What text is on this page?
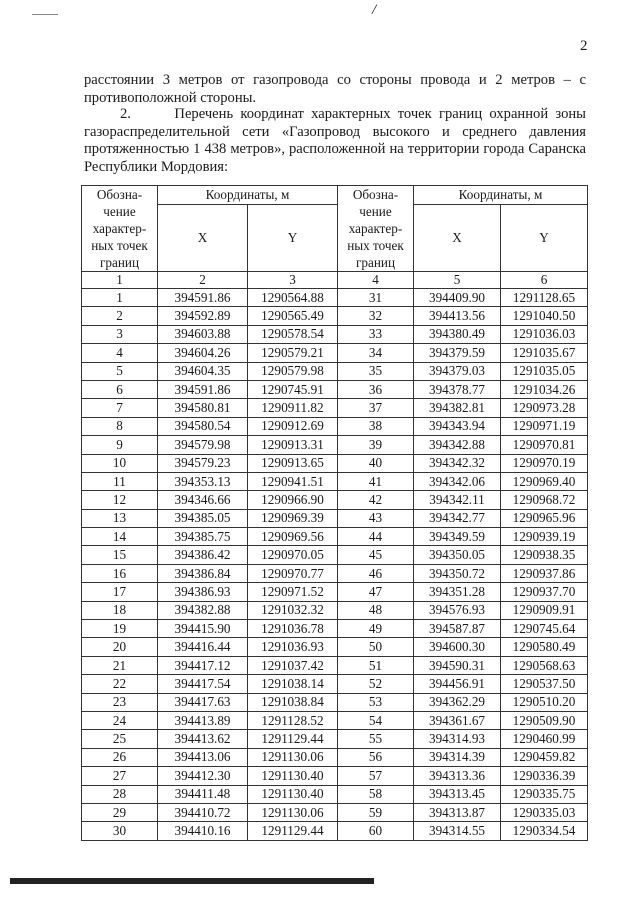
/
2

расстоянии 3 метров от газопровода со стороны провода и 2 метров – с противоположной стороны.

2.      Перечень координат характерных точек границ охранной зоны газораспределительной сети «Газопровод высокого и среднего давления протяженностью 1 438 метров», расположенной на территории города Саранска Республики Мордовия:

Обозна-чение характер-ных точек границ	Координаты, м		Обозна-чение характер-ных точек границ	Координаты, м	
	X	Y		X	Y
1	2	3	4	5	6
1	394591.86	1290564.88	31	394409.90	1291128.65
2	394592.89	1290565.49	32	394413.56	1291040.50
3	394603.88	1290578.54	33	394380.49	1291036.03
4	394604.26	1290579.21	34	394379.59	1291035.67
5	394604.35	1290579.98	35	394379.03	1291035.05
6	394591.86	1290745.91	36	394378.77	1291034.26
7	394580.81	1290911.82	37	394382.81	1290973.28
8	394580.54	1290912.69	38	394343.94	1290971.19
9	394579.98	1290913.31	39	394342.88	1290970.81
10	394579.23	1290913.65	40	394342.32	1290970.19
11	394353.13	1290941.51	41	394342.06	1290969.40
12	394346.66	1290966.90	42	394342.11	1290968.72
13	394385.05	1290969.39	43	394342.77	1290965.96
14	394385.75	1290969.56	44	394349.59	1290939.19
15	394386.42	1290970.05	45	394350.05	1290938.35
16	394386.84	1290970.77	46	394350.72	1290937.86
17	394386.93	1290971.52	47	394351.28	1290937.70
18	394382.88	1291032.32	48	394576.93	1290909.91
19	394415.90	1291036.78	49	394587.87	1290745.64
20	394416.44	1291036.93	50	394600.30	1290580.49
21	394417.12	1291037.42	51	394590.31	1290568.63
22	394417.54	1291038.14	52	394456.91	1290537.50
23	394417.63	1291038.84	53	394362.29	1290510.20
24	394413.89	1291128.52	54	394361.67	1290509.90
25	394413.62	1291129.44	55	394314.93	1290460.99
26	394413.06	1291130.06	56	394314.39	1290459.82
27	394412.30	1291130.40	57	394313.36	1290336.39
28	394411.48	1291130.40	58	394313.45	1290335.75
29	394410.72	1291130.06	59	394313.87	1290335.03
30	394410.16	1291129.44	60	394314.55	1290334.54
